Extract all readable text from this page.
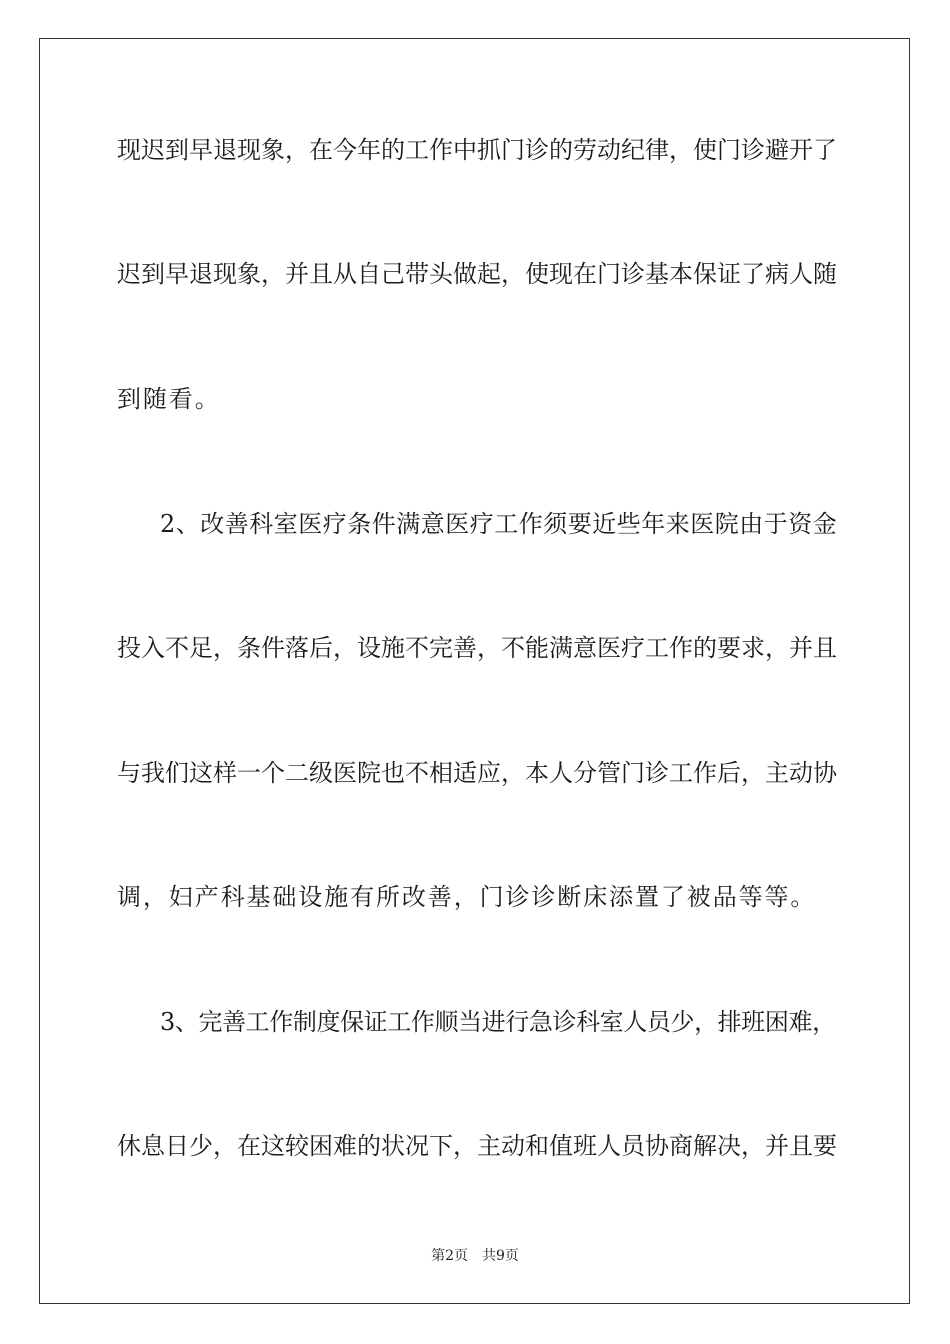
现迟到早退现象，在今年的工作中抓门诊的劳动纪律，使门诊避开了
迟到早退现象，并且从自己带头做起，使现在门诊基本保证了病人随
到随看。
2、改善科室医疗条件满意医疗工作须要近些年来医院由于资金
投入不足，条件落后，设施不完善，不能满意医疗工作的要求，并且
与我们这样一个二级医院也不相适应，本人分管门诊工作后，主动协
调，妇产科基础设施有所改善，门诊诊断床添置了被品等等。
3、完善工作制度保证工作顺当进行急诊科室人员少，排班困难，
休息日少，在这较困难的状况下，主动和值班人员协商解决，并且要
第2页 共9页
